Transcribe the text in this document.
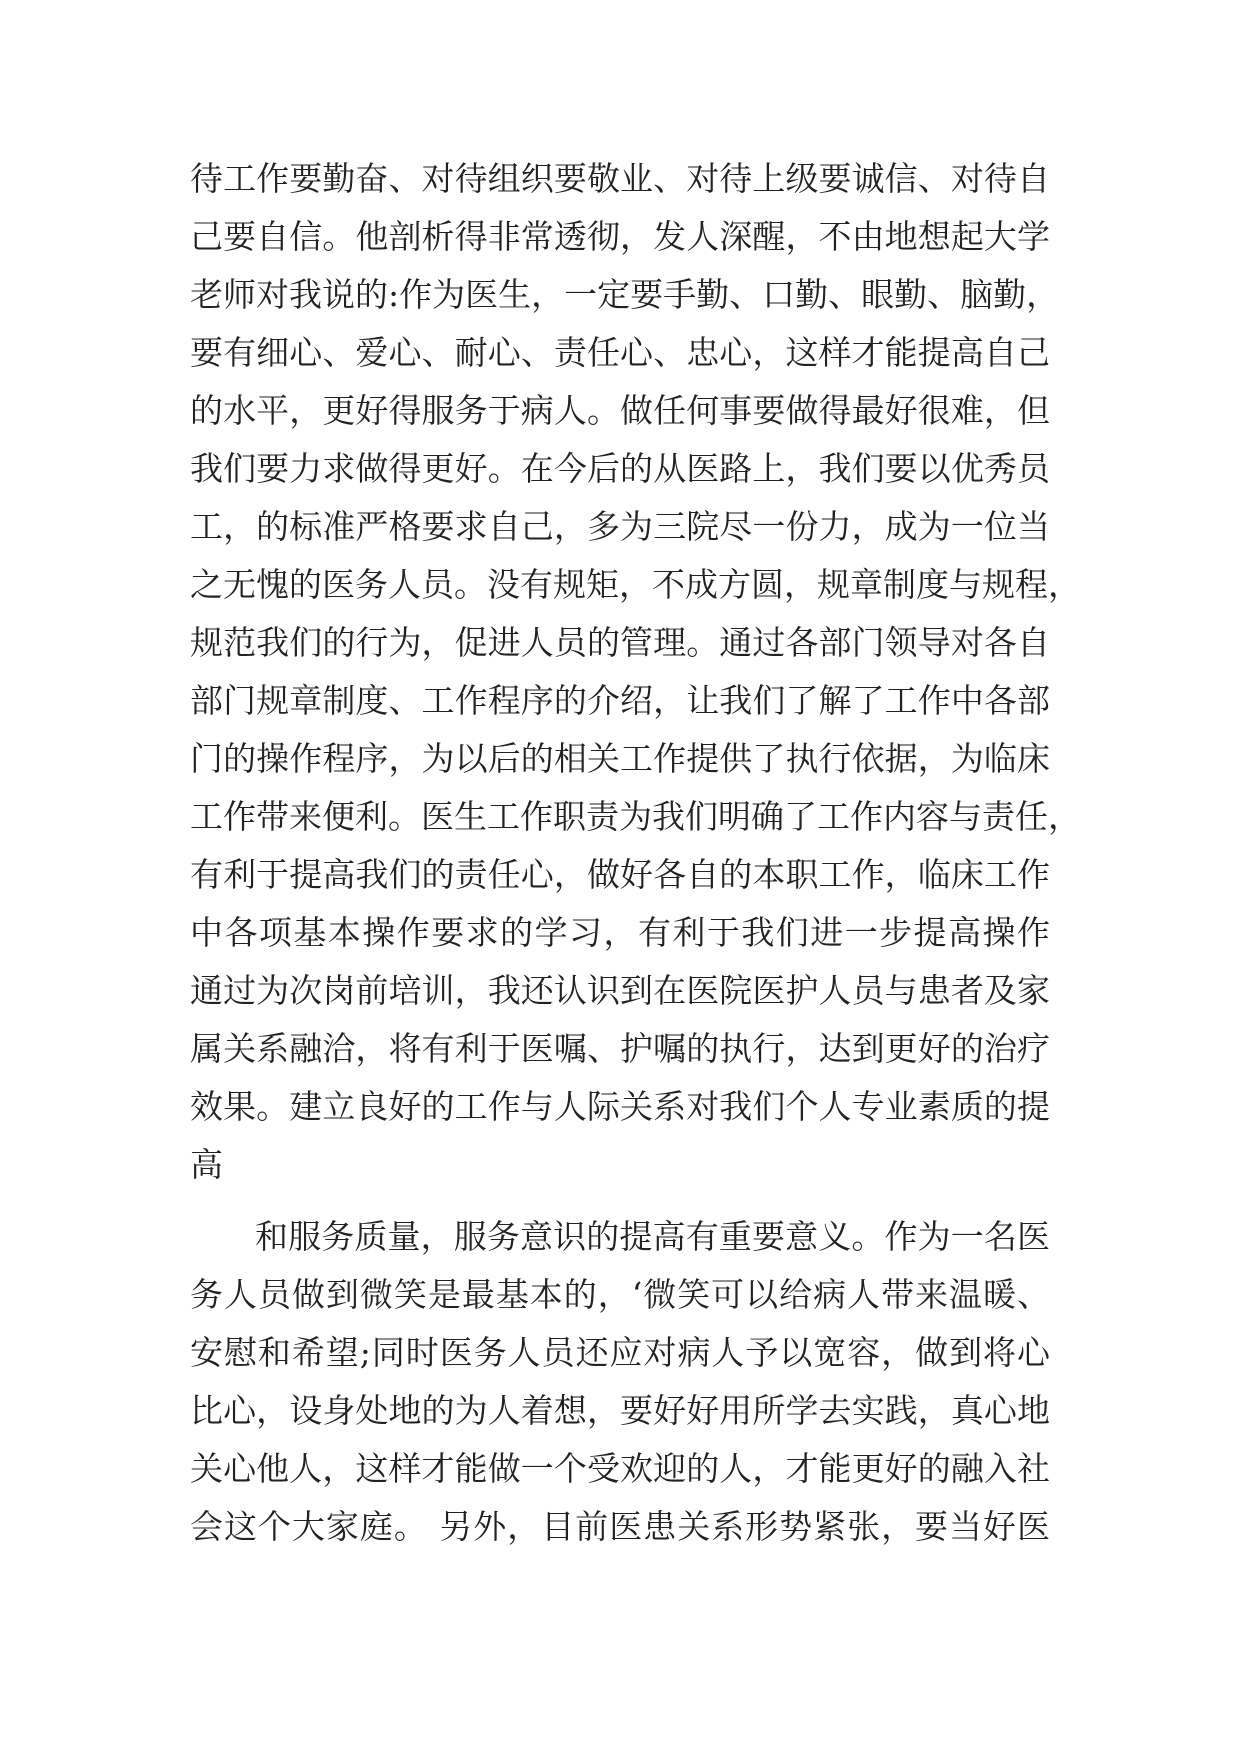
待工作要勤奋、对待组织要敬业、对待上级要诚信、对待自
己要自信。他剖析得非常透彻，发人深醒，不由地想起大学
老师对我说的:作为医生，一定要手勤、口勤、眼勤、脑勤，
要有细心、爱心、耐心、责任心、忠心，这样才能提高自己
的水平，更好得服务于病人。做任何事要做得最好很难，但
我们要力求做得更好。在今后的从医路上，我们要以优秀员
工，的标准严格要求自己，多为三院尽一份力，成为一位当
之无愧的医务人员。没有规矩，不成方圆，规章制度与规程，
规范我们的行为，促进人员的管理。通过各部门领导对各自
部门规章制度、工作程序的介绍，让我们了解了工作中各部
门的操作程序，为以后的相关工作提供了执行依据，为临床
工作带来便利。医生工作职责为我们明确了工作内容与责任，
有利于提高我们的责任心，做好各自的本职工作，临床工作
中各项基本操作要求的学习，有利于我们进一步提高操作
通过为次岗前培训，我还认识到在医院医护人员与患者及家
属关系融洽，将有利于医嘱、护嘱的执行，达到更好的治疗
效果。建立良好的工作与人际关系对我们个人专业素质的提
高
和服务质量，服务意识的提高有重要意义。作为一名医
务人员做到微笑是最基本的，‘微笑可以给病人带来温暖、
安慰和希望;同时医务人员还应对病人予以宽容，做到将心
比心，设身处地的为人着想，要好好用所学去实践，真心地
关心他人，这样才能做一个受欢迎的人，才能更好的融入社
会这个大家庭。 另外，目前医患关系形势紧张，要当好医
